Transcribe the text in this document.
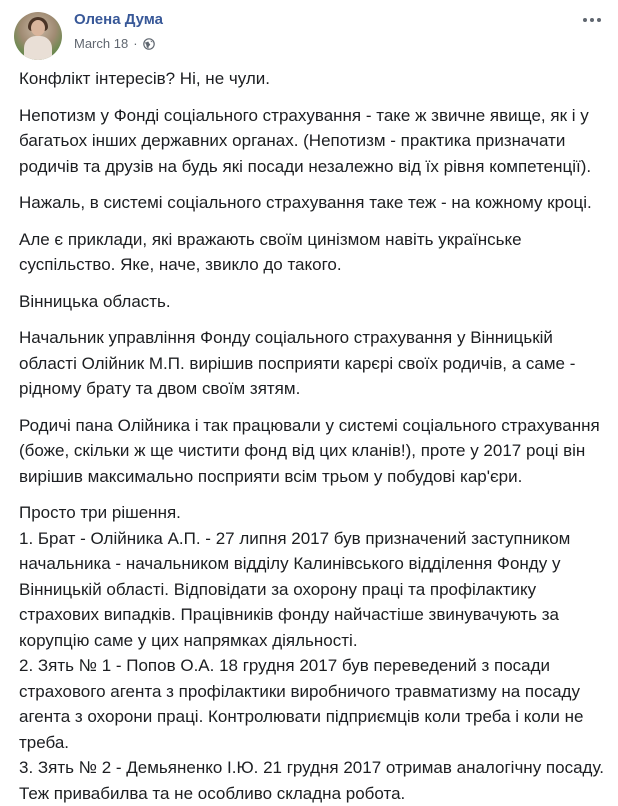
Олена Дума
March 18 ·

Конфлікт інтересів? Ні, не чули.

Непотизм у Фонді соціального страхування - таке ж звичне явище, як і у багатьох інших державних органах. (Непотизм - практика призначати родичів та друзів на будь які посади незалежно від їх рівня компетенції).

Нажаль, в системі соціального страхування таке теж - на кожному кроці.

Але є приклади, які вражають своїм цинізмом навіть українське суспільство. Яке, наче, звикло до такого.

Вінницька область.

Начальник управління Фонду соціального страхування у Вінницькій області Олійник М.П. вирішив посприяти карєрі своїх родичів, а саме - рідному брату та двом своїм зятям.

Родичі пана Олійника і так працювали у системі соціального страхування (боже, скільки ж ще чистити фонд від цих кланів!), проте у 2017 році він вирішив максимально посприяти всім трьом у побудові кар'єри.

Просто три рішення.

1. Брат - Олійника А.П. - 27 липня 2017 був призначений заступником начальника - начальником відділу Калинівського відділення Фонду у Вінницькій області. Відповідати за охорону праці та профілактику страхових випадків. Працівників фонду найчастіше звинувачують за корупцію саме у цих напрямках діяльності.

2. Зять № 1 - Попов О.А. 18 грудня 2017 був переведений з посади страхового агента з профілактики виробничого травматизму на посаду агента з охорони праці. Контролювати підприємців коли треба і коли не треба.

3. Зять № 2 - Демьяненко І.Ю. 21 грудня 2017 отримав аналогічну посаду. Теж привабилва та не особливо складна робота.
